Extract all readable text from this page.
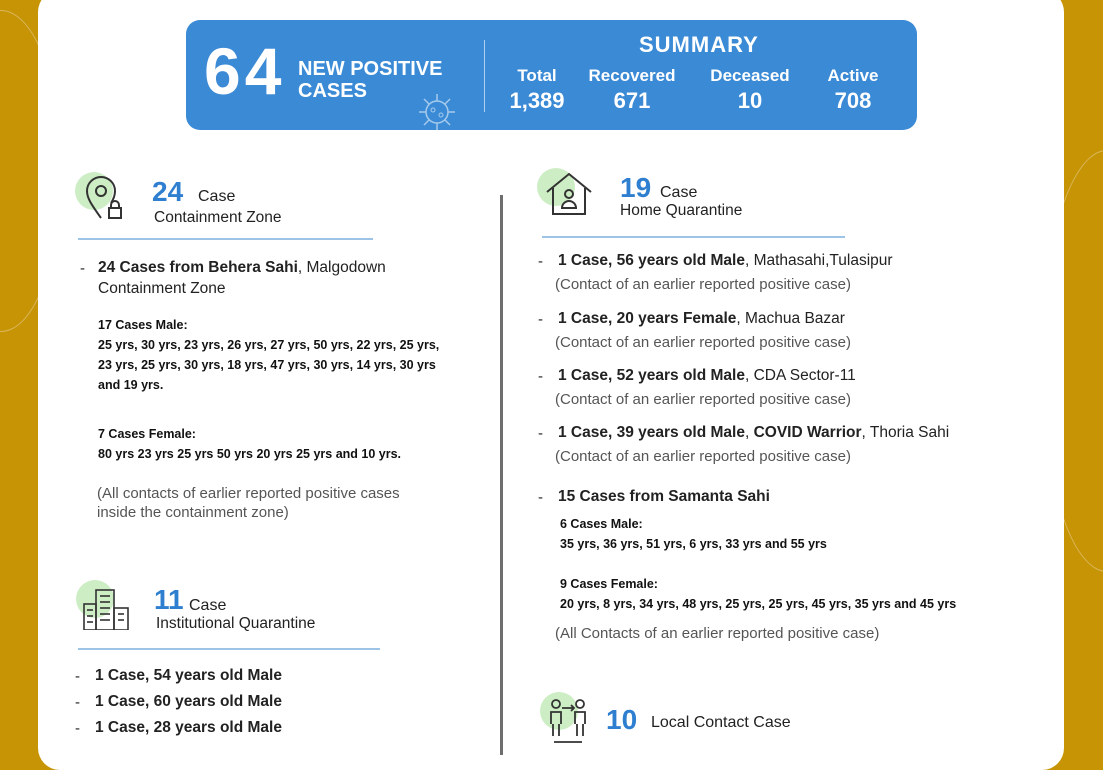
64 NEW POSITIVE
CASES
SUMMARY
Total
1,389
Recovered
671
Deceased
10
Active
708
24 Case
Containment Zone
- 24 Cases from Behera Sahi, Malgodown
Containment Zone
17 Cases Male:
25 yrs, 30 yrs, 23 yrs, 26 yrs, 27 yrs, 50 yrs, 22 yrs, 25 yrs,
23 yrs, 25 yrs, 30 yrs, 18 yrs, 47 yrs, 30 yrs, 14 yrs, 30 yrs
and 19 yrs.
7 Cases Female:
80 yrs 23 yrs 25 yrs 50 yrs 20 yrs 25 yrs and 10 yrs.
(All contacts of earlier reported positive cases
inside the containment zone)
11 Case
Institutional Quarantine
- 1 Case, 54 years old Male
- 1 Case, 60 years old Male
- 1 Case, 28 years old Male
19 Case
Home Quarantine
- 1 Case, 56 years old Male, Mathasahi,Tulasipur
(Contact of an earlier reported positive case)
- 1 Case, 20 years Female, Machua Bazar
(Contact of an earlier reported positive case)
- 1 Case, 52 years old Male, CDA Sector-11
(Contact of an earlier reported positive case)
- 1 Case, 39 years old Male, COVID Warrior, Thoria Sahi
(Contact of an earlier reported positive case)
- 15 Cases from Samanta Sahi
6 Cases Male:
35 yrs, 36 yrs, 51 yrs, 6 yrs, 33 yrs and 55 yrs
9 Cases Female:
20 yrs, 8 yrs, 34 yrs, 48 yrs, 25 yrs, 25 yrs, 45 yrs, 35 yrs and 45 yrs
(All Contacts of an earlier reported positive case)
10 Local Contact Case
